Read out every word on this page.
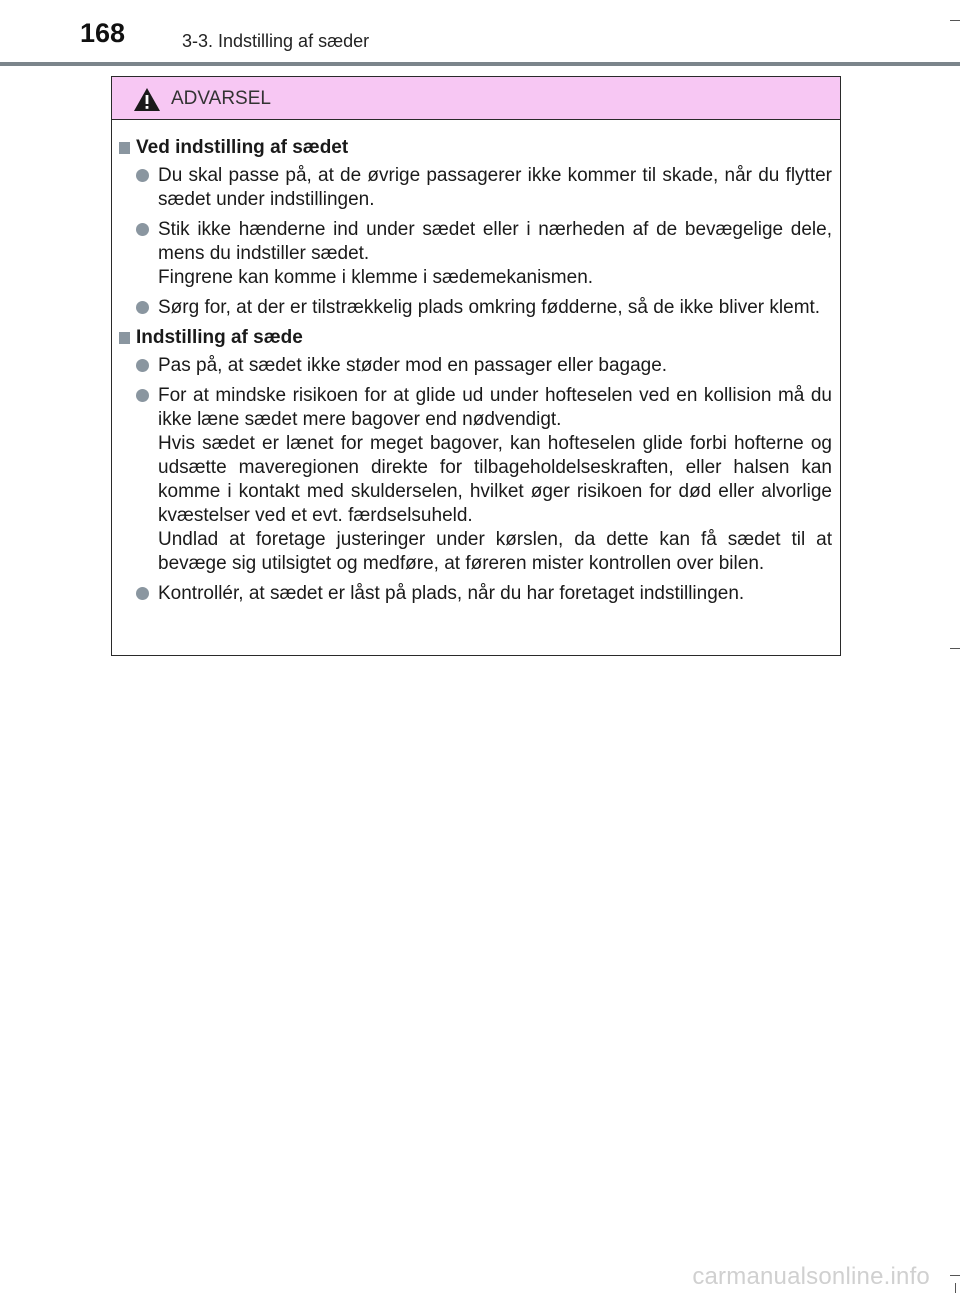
168	3-3. Indstilling af sæder
ADVARSEL
Ved indstilling af sædet

Du skal passe på, at de øvrige passagerer ikke kommer til skade, når du flytter sædet under indstillingen.

Stik ikke hænderne ind under sædet eller i nærheden af de bevægelige dele, mens du indstiller sædet.

Fingrene kan komme i klemme i sædemekanismen.

Sørg for, at der er tilstrækkelig plads omkring fødderne, så de ikke bliver klemt.

Indstilling af sæde

Pas på, at sædet ikke støder mod en passager eller bagage.

For at mindske risikoen for at glide ud under hofteselen ved en kollision må du ikke læne sædet mere bagover end nødvendigt.

Hvis sædet er lænet for meget bagover, kan hofteselen glide forbi hofterne og udsætte maveregionen direkte for tilbageholdelseskraften, eller halsen kan komme i kontakt med skulderselen, hvilket øger risikoen for død eller alvorlige kvæstelser ved et evt. færdselsuheld.

Undlad at foretage justeringer under kørslen, da dette kan få sædet til at bevæge sig utilsigtet og medføre, at føreren mister kontrollen over bilen.

Kontrollér, at sædet er låst på plads, når du har foretaget indstillingen.

carmanualsonline.info
